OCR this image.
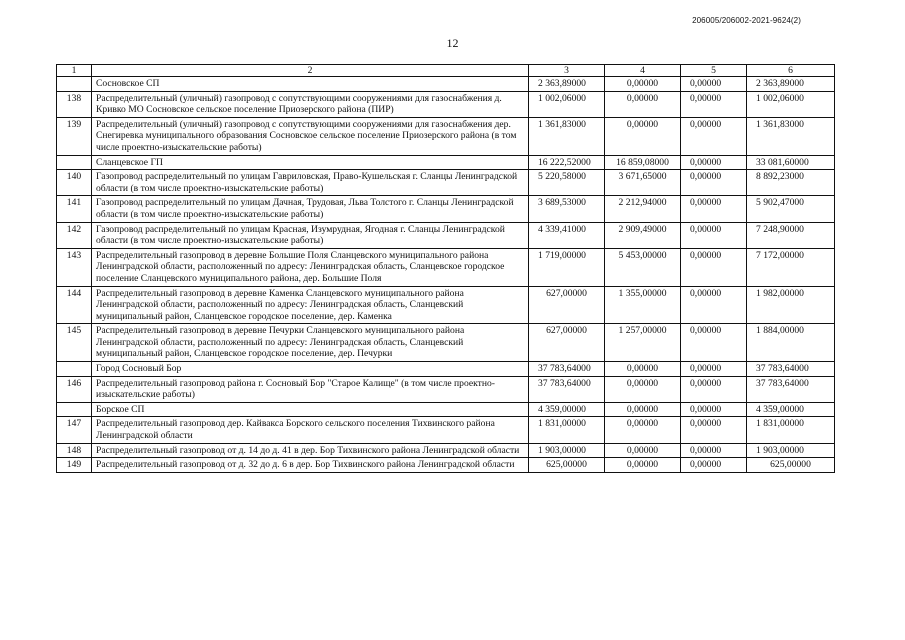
206005/206002-2021-9624(2)
12
1	2	3	4	5	6
	Сосновское СП	2 363,89000	0,00000	0,00000	2 363,89000
138	Распределительный (уличный) газопровод с сопутствующими сооружениями для газоснабжения д. Кривко МО Сосновское сельское поселение Приозерского района (ПИР)	1 002,06000	0,00000	0,00000	1 002,06000
139	Распределительный (уличный) газопровод с сопутствующими сооружениями для газоснабжения дер. Снегиревка муниципального образования Сосновское сельское поселение Приозерского района (в том числе проектно-изыскательские работы)	1 361,83000	0,00000	0,00000	1 361,83000
	Сланцевское ГП	16 222,52000	16 859,08000	0,00000	33 081,60000
140	Газопровод распределительный по улицам Гавриловская, Право-Кушельская г. Сланцы Ленинградской области (в том числе проектно-изыскательские работы)	5 220,58000	3 671,65000	0,00000	8 892,23000
141	Газопровод распределительный по улицам Дачная, Трудовая, Льва Толстого г. Сланцы Ленинградской области (в том числе проектно-изыскательские работы)	3 689,53000	2 212,94000	0,00000	5 902,47000
142	Газопровод распределительный по улицам Красная, Изумрудная, Ягодная г. Сланцы Ленинградской области (в том числе проектно-изыскательские работы)	4 339,41000	2 909,49000	0,00000	7 248,90000
143	Распределительный газопровод в деревне Большие Поля Сланцевского муниципального района Ленинградской области, расположенный по адресу: Ленинградская область, Сланцевское городское поселение Сланцевского муниципального района, дер. Большие Поля	1 719,00000	5 453,00000	0,00000	7 172,00000
144	Распределительный газопровод в деревне Каменка Сланцевского муниципального района Ленинградской области, расположенный по адресу: Ленинградская область, Сланцевский муниципальный район, Сланцевское городское поселение, дер. Каменка	627,00000	1 355,00000	0,00000	1 982,00000
145	Распределительный газопровод в деревне Печурки Сланцевского муниципального района Ленинградской области, расположенный по адресу: Ленинградская область, Сланцевский муниципальный район, Сланцевское городское поселение, дер. Печурки	627,00000	1 257,00000	0,00000	1 884,00000
	Город Сосновый Бор	37 783,64000	0,00000	0,00000	37 783,64000
146	Распределительный газопровод района г. Сосновый Бор "Старое Калище" (в том числе проектно-изыскательские работы)	37 783,64000	0,00000	0,00000	37 783,64000
	Борское СП	4 359,00000	0,00000	0,00000	4 359,00000
147	Распределительный газопровод дер. Кайвакса Борского сельского поселения Тихвинского района Ленинградской области	1 831,00000	0,00000	0,00000	1 831,00000
148	Распределительный газопровод от д. 14 до д. 41 в дер. Бор Тихвинского района Ленинградской области	1 903,00000	0,00000	0,00000	1 903,00000
149	Распределительный газопровод от д. 32 до д. 6 в дер. Бор Тихвинского района Ленинградской области	625,00000	0,00000	0,00000	625,00000
